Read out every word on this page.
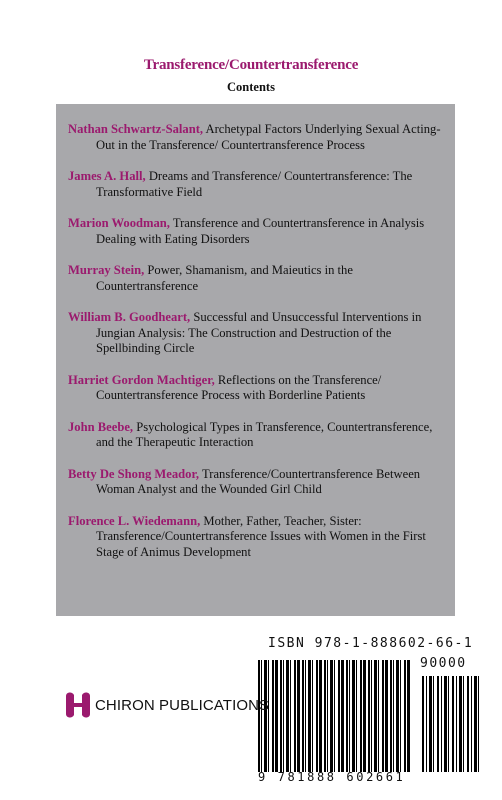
Transference/Countertransference
Contents
Nathan Schwartz-Salant, Archetypal Factors Underlying Sexual Acting-Out in the Transference/ Countertransference Process
James A. Hall, Dreams and Transference/ Countertransference: The Transformative Field
Marion Woodman, Transference and Countertransference in Analysis Dealing with Eating Disorders
Murray Stein, Power, Shamanism, and Maieutics in the Countertransference
William B. Goodheart, Successful and Unsuccessful Interventions in Jungian Analysis: The Construction and Destruction of the Spellbinding Circle
Harriet Gordon Machtiger, Reflections on the Transference/ Countertransference Process with Borderline Patients
John Beebe, Psychological Types in Transference, Countertransference, and the Therapeutic Interaction
Betty De Shong Meador, Transference/Countertransference Between Woman Analyst and the Wounded Girl Child
Florence L. Wiedemann, Mother, Father, Teacher, Sister: Transference/Countertransference Issues with Women in the First Stage of Animus Development
ISBN 978-1-888602-66-1
90000
9 781888 602661
CHIRON PUBLICATIONS
